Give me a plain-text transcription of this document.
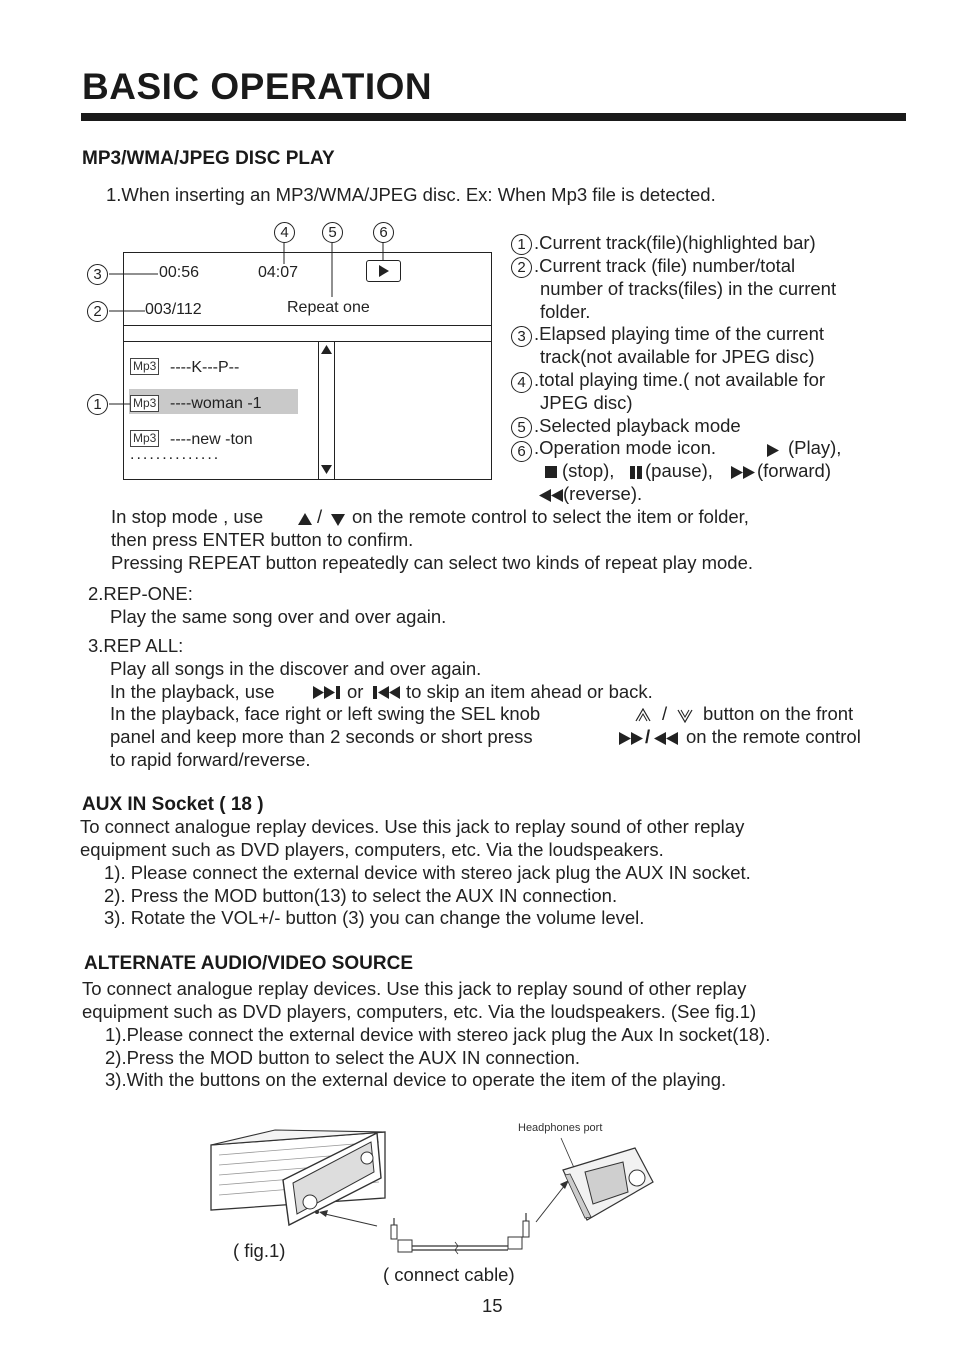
BASIC OPERATION
MP3/WMA/JPEG DISC PLAY
1.When inserting an MP3/WMA/JPEG disc. Ex: When Mp3 file is detected.
00:56	04:07
003/112	Repeat one
Mp3 ----K---P--
Mp3 ----woman -1
Mp3 ----new -ton
..............
4	5	6
3
2
1
1 .Current track(file)(highlighted bar)
2 .Current track (file) number/total
number of tracks(files) in the current
folder.
3 .Elapsed playing time of the current
track(not available for JPEG disc)
4 .total playing time.( not available for
JPEG disc)
5 .Selected playback mode
6 .Operation mode icon.	(Play),
(stop), (pause), (forward)
(reverse).
In stop mode , use	/ on the remote control to select the item or folder,
then press ENTER button to confirm.
Pressing REPEAT button repeatedly can select two kinds of repeat play mode.
2.REP-ONE:
Play the same song over and over again.
3.REP ALL:
Play all songs in the discover and over again.
In the playback, use	or to skip an item ahead or back.
In the playback, face right or left swing the SEL knob	/ button on the front
panel and keep more than 2 seconds or short press	/ on the remote control
to rapid forward/reverse.
AUX IN Socket ( 18 )
To connect analogue replay devices. Use this jack to replay sound of other replay
equipment such as DVD players, computers, etc. Via the loudspeakers.
1). Please connect the external device with stereo jack plug the AUX IN socket.
2). Press the MOD button(13) to select the AUX IN connection.
3). Rotate the VOL+/- button (3) you can change the volume level.
ALTERNATE AUDIO/VIDEO SOURCE
To connect analogue replay devices. Use this jack to replay sound of other replay
equipment such as DVD players, computers, etc. Via the loudspeakers. (See fig.1)
1).Please connect the external device with stereo jack plug the Aux In socket(18).
2).Press the MOD button to select the AUX IN connection.
3).With the buttons on the external device to operate the item of the playing.
Headphones port
( fig.1)
( connect cable)
15
